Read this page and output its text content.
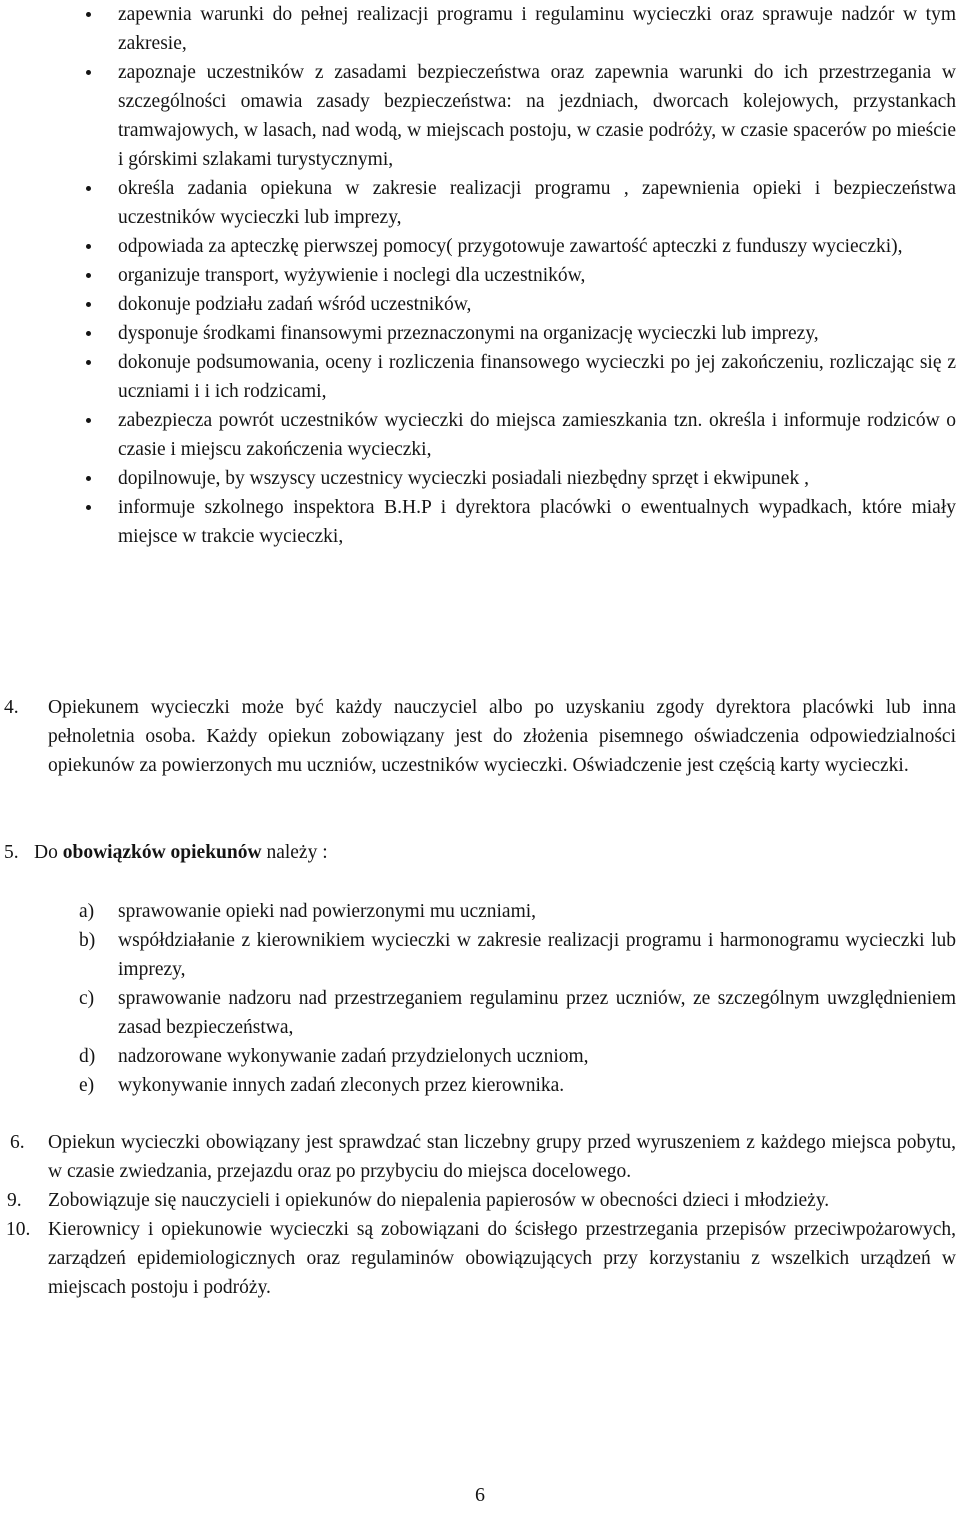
zapewnia warunki do pełnej realizacji programu i regulaminu wycieczki oraz sprawuje nadzór w tym zakresie,
zapoznaje uczestników z zasadami bezpieczeństwa oraz zapewnia warunki do ich przestrzegania w szczególności omawia zasady bezpieczeństwa: na jezdniach, dworcach kolejowych, przystankach tramwajowych, w lasach, nad wodą, w miejscach postoju, w czasie podróży, w czasie spacerów po mieście i górskimi szlakami turystycznymi,
określa zadania opiekuna w zakresie realizacji programu , zapewnienia opieki i bezpieczeństwa uczestników wycieczki lub imprezy,
odpowiada za apteczkę pierwszej pomocy( przygotowuje zawartość apteczki z funduszy wycieczki),
organizuje transport, wyżywienie i noclegi dla uczestników,
dokonuje podziału zadań wśród uczestników,
dysponuje środkami finansowymi przeznaczonymi na organizację wycieczki lub imprezy,
dokonuje podsumowania, oceny i rozliczenia finansowego wycieczki po jej zakończeniu, rozliczając się z uczniami i i ich rodzicami,
zabezpiecza powrót uczestników wycieczki do miejsca zamieszkania tzn. określa i informuje rodziców o czasie i miejscu zakończenia wycieczki,
dopilnowuje, by wszyscy uczestnicy wycieczki posiadali niezbędny sprzęt i ekwipunek ,
informuje szkolnego inspektora B.H.P i dyrektora placówki o ewentualnych wypadkach, które miały miejsce w trakcie wycieczki,
4. Opiekunem wycieczki może być każdy nauczyciel albo po uzyskaniu zgody dyrektora placówki lub inna pełnoletnia osoba. Każdy opiekun zobowiązany jest do złożenia pisemnego oświadczenia odpowiedzialności opiekunów za powierzonych mu uczniów, uczestników wycieczki. Oświadczenie jest częścią karty wycieczki.
5. Do obowiązków opiekunów należy :
a) sprawowanie opieki nad powierzonymi mu uczniami,
b) współdziałanie z kierownikiem wycieczki w zakresie realizacji programu i harmonogramu wycieczki lub imprezy,
c) sprawowanie nadzoru nad przestrzeganiem regulaminu przez uczniów, ze szczególnym uwzględnieniem zasad bezpieczeństwa,
d) nadzorowane wykonywanie zadań przydzielonych uczniom,
e) wykonywanie innych zadań zleconych przez kierownika.
6. Opiekun wycieczki obowiązany jest sprawdzać stan liczebny grupy przed wyruszeniem z każdego miejsca pobytu, w czasie zwiedzania, przejazdu oraz po przybyciu do miejsca docelowego.
9. Zobowiązuje się nauczycieli i opiekunów do niepalenia papierosów w obecności dzieci i młodzieży.
10. Kierownicy i opiekunowie wycieczki są zobowiązani do ścisłego przestrzegania przepisów przeciwpożarowych, zarządzeń epidemiologicznych oraz regulaminów obowiązujących przy korzystaniu z wszelkich urządzeń w miejscach postoju i podróży.
6
